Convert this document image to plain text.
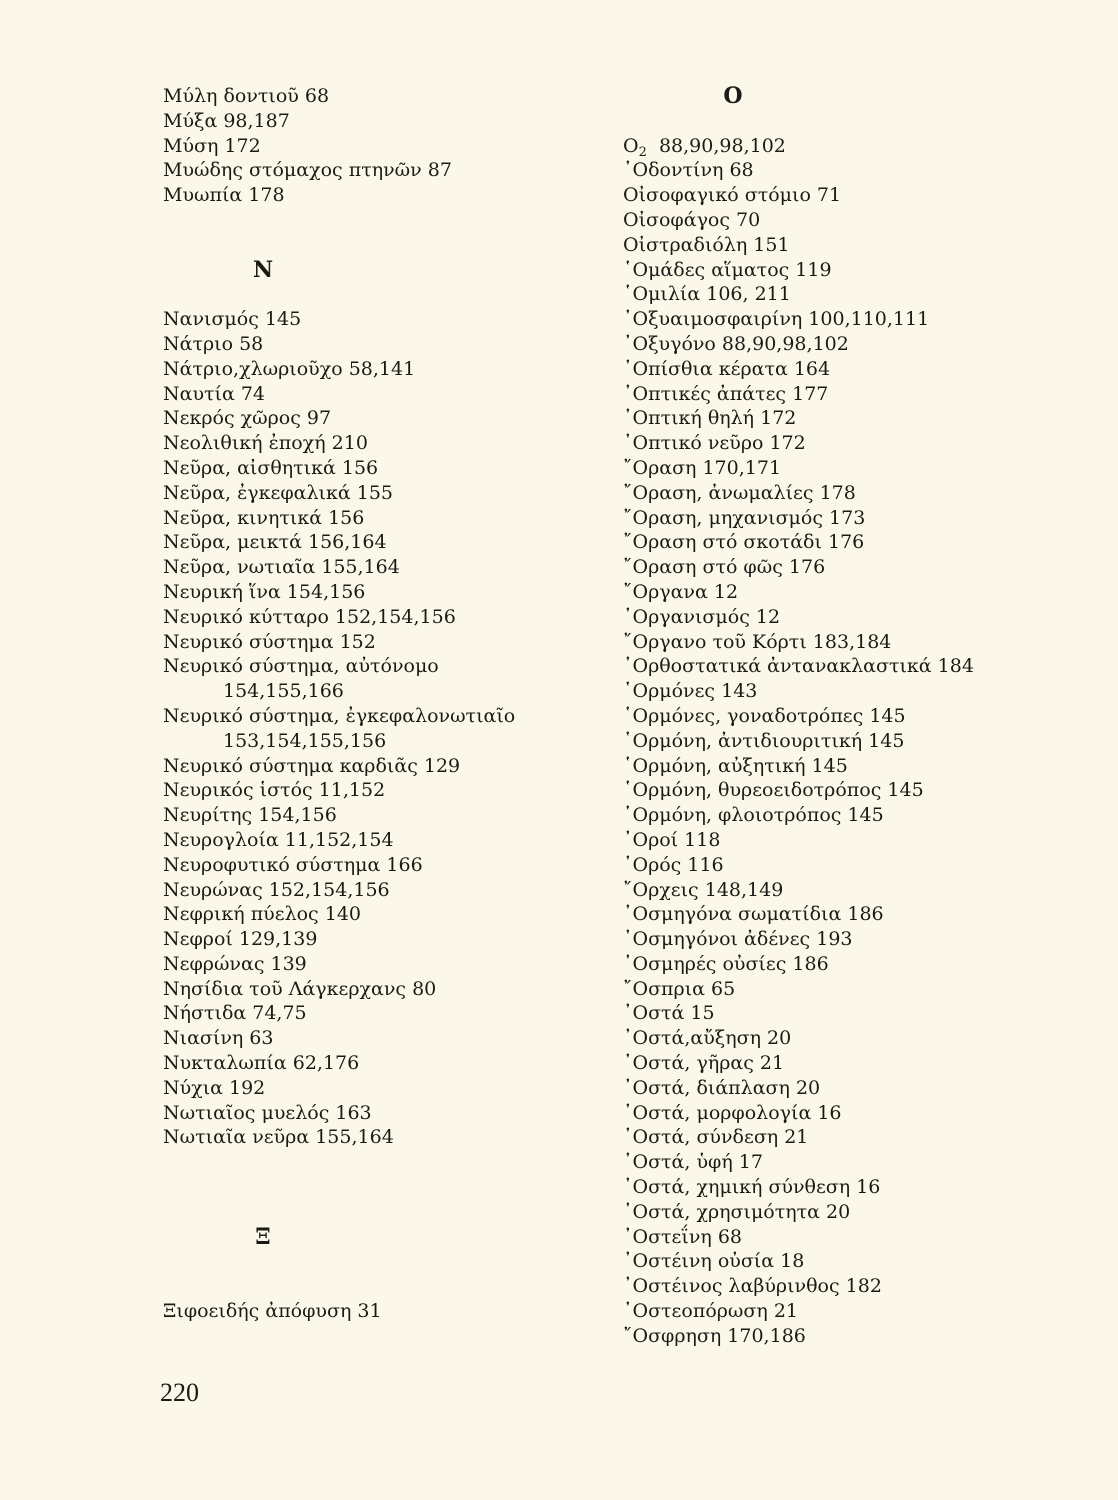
Μύλη δοντιοῦ 68
Μύξα 98,187
Μύση 172
Μυώδης στόμαχος πτηνῶν 87
Μυωπία 178
Ν
Νανισμός 145
Νάτριο 58
Νάτριο,χλωριοῦχο 58,141
Ναυτία 74
Νεκρός χῶρος 97
Νεολιθική ἐποχή 210
Νεῦρα, αἰσθητικά 156
Νεῦρα, ἐγκεφαλικά 155
Νεῦρα, κινητικά 156
Νεῦρα, μεικτά 156,164
Νεῦρα, νωτιαῖα 155,164
Νευρική ἵνα 154,156
Νευρικό κύτταρο 152,154,156
Νευρικό σύστημα 152
Νευρικό σύστημα, αὐτόνομο
154,155,166
Νευρικό σύστημα, ἐγκεφαλονωτιαῖο
153,154,155,156
Νευρικό σύστημα καρδιᾶς 129
Νευρικός ἱστός 11,152
Νευρίτης 154,156
Νευρογλοία 11,152,154
Νευροφυτικό σύστημα 166
Νευρώνας 152,154,156
Νεφρική πύελος 140
Νεφροί 129,139
Νεφρώνας 139
Νησίδια τοῦ Λάγκερχανς 80
Νήστιδα 74,75
Νιασίνη 63
Νυκταλωπία 62,176
Νύχια 192
Νωτιαῖος μυελός 163
Νωτιαῖα νεῦρα 155,164
Ξ
Ξιφοειδής ἀπόφυση 31
Ο
$O_2$ 88,90,98,102
᾿Οδοντίνη 68
Οἰσοφαγικό στόμιο 71
Οἰσοφάγος 70
Οἰστραδιόλη 151
῾Ομάδες αἵματος 119
῾Ομιλία 106, 211
᾿Οξυαιμοσφαιρίνη 100,110,111
᾿Οξυγόνο 88,90,98,102
᾿Οπίσθια κέρατα 164
᾿Οπτικές ἀπάτες 177
᾿Οπτική θηλή 172
᾿Οπτικό νεῦρο 172
῎Οραση 170,171
῎Οραση, ἀνωμαλίες 178
῎Οραση, μηχανισμός 173
῎Οραση στό σκοτάδι 176
῎Οραση στό φῶς 176
῎Οργανα 12
᾿Οργανισμός 12
῎Οργανο τοῦ Κόρτι 183,184
᾿Ορθοστατικά ἀντανακλαστικά 184
῾Ορμόνες 143
῾Ορμόνες, γοναδοτρόπες 145
῾Ορμόνη, ἀντιδιουριτική 145
῾Ορμόνη, αὐξητική 145
῾Ορμόνη, θυρεοειδοτρόπος 145
῾Ορμόνη, φλοιοτρόπος 145
᾿Οροί 118
᾿Ορός 116
῎Ορχεις 148,149
᾿Οσμηγόνα σωματίδια 186
᾿Οσμηγόνοι ἀδένες 193
᾿Οσμηρές οὐσίες 186
῎Οσπρια 65
᾿Οστά 15
᾿Οστά,αὔξηση 20
᾿Οστά, γῆρας 21
᾿Οστά, διάπλαση 20
᾿Οστά, μορφολογία 16
᾿Οστά, σύνδεση 21
᾿Οστά, ὑφή 17
᾿Οστά, χημική σύνθεση 16
᾿Οστά, χρησιμότητα 20
᾿Οστεΐνη 68
᾿Οστέινη οὐσία 18
᾿Οστέινος λαβύρινθος 182
᾿Οστεοπόρωση 21
῎Οσφρηση 170,186
220
